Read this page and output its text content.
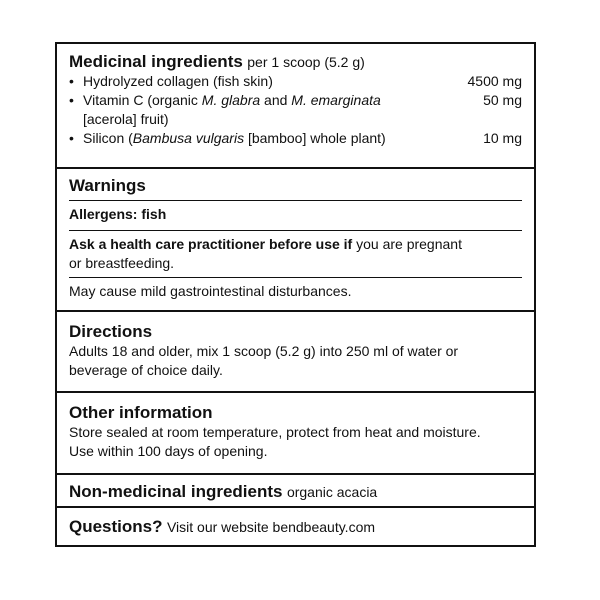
Medicinal ingredients per 1 scoop (5.2 g)
• Hydrolyzed collagen (fish skin)	4500 mg
• Vitamin C (organic M. glabra and M. emarginata	50 mg
[acerola] fruit)
• Silicon (Bambusa vulgaris [bamboo] whole plant)	10 mg
Warnings
Allergens: fish
Ask a health care practitioner before use if you are pregnant
or breastfeeding.
May cause mild gastrointestinal disturbances.
Directions
Adults 18 and older, mix 1 scoop (5.2 g) into 250 ml of water or
beverage of choice daily.
Other information
Store sealed at room temperature, protect from heat and moisture.
Use within 100 days of opening.
Non-medicinal ingredients organic acacia
Questions? Visit our website bendbeauty.com
